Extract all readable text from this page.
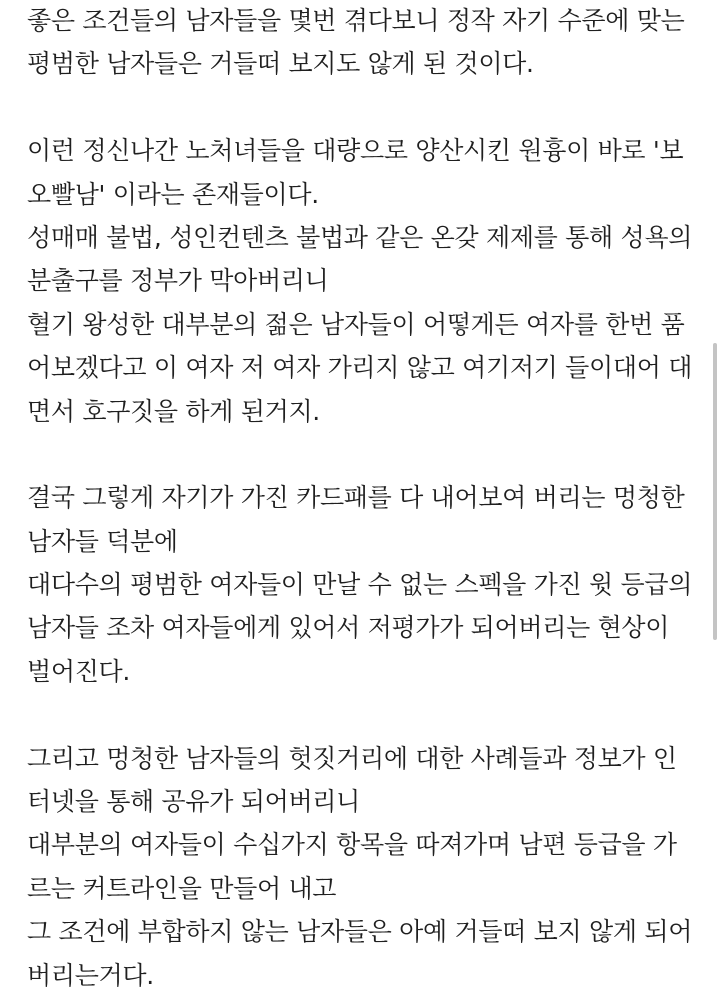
좋은 조건들의 남자들을 몇번 겪다보니 정작 자기 수준에 맞는
평범한 남자들은 거들떠 보지도 않게 된 것이다.
이런 정신나간 노처녀들을 대량으로 양산시킨 원흉이 바로 '보
오빨남' 이라는 존재들이다.
성매매 불법, 성인컨텐츠 불법과 같은 온갖 제제를 통해 성욕의
분출구를 정부가 막아버리니
혈기 왕성한 대부분의 젊은 남자들이 어떻게든 여자를 한번 품
어보겠다고 이 여자 저 여자 가리지 않고 여기저기 들이대어 대
면서 호구짓을 하게 된거지.
결국 그렇게 자기가 가진 카드패를 다 내어보여 버리는 멍청한
남자들 덕분에
대다수의 평범한 여자들이 만날 수 없는 스펙을 가진 윗 등급의
남자들 조차 여자들에게 있어서 저평가가 되어버리는 현상이
벌어진다.
그리고 멍청한 남자들의 헛짓거리에 대한 사례들과 정보가 인
터넷을 통해 공유가 되어버리니
대부분의 여자들이 수십가지 항목을 따져가며 남편 등급을 가
르는 커트라인을 만들어 내고
그 조건에 부합하지 않는 남자들은 아예 거들떠 보지 않게 되어
버리는거다.
